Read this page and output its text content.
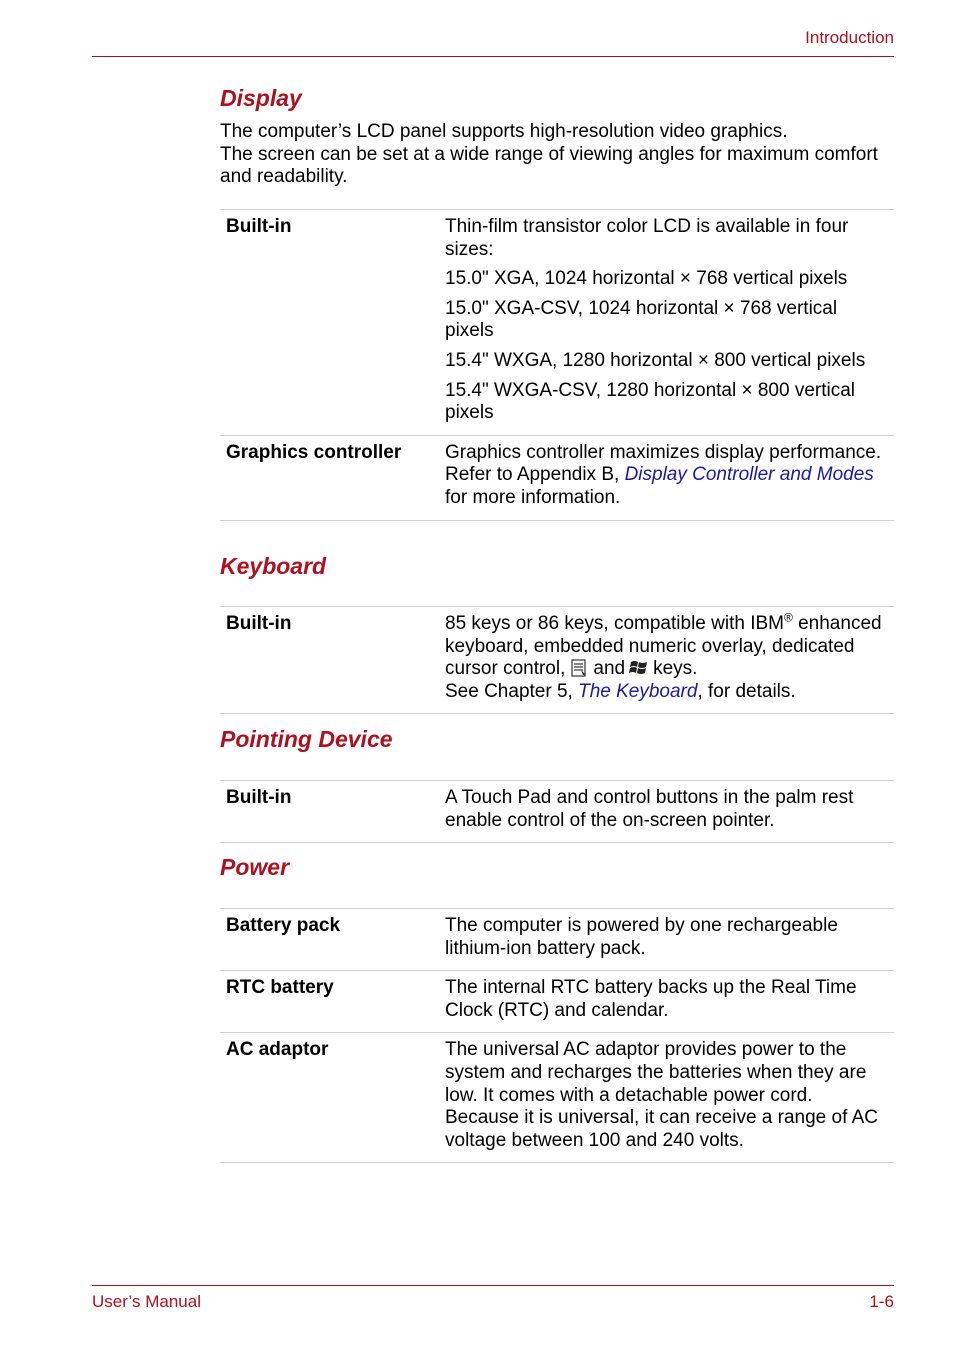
Introduction
Display

The computer’s LCD panel supports high-resolution video graphics.
The screen can be set at a wide range of viewing angles for maximum comfort and readability.

Built-in	Thin-film transistor color LCD is available in four sizes:
15.0" XGA, 1024 horizontal × 768 vertical pixels
15.0" XGA-CSV, 1024 horizontal × 768 vertical pixels
15.4" WXGA, 1280 horizontal × 800 vertical pixels
15.4" WXGA-CSV, 1280 horizontal × 800 vertical pixels

Graphics controller	Graphics controller maximizes display performance. Refer to Appendix B, Display Controller and Modes for more information.
Keyboard
Built-in	85 keys or 86 keys, compatible with IBM® enhanced keyboard, embedded numeric overlay, dedicated cursor control, and keys.
See Chapter 5, The Keyboard, for details.
Pointing Device
Built-in	A Touch Pad and control buttons in the palm rest enable control of the on-screen pointer.
Power
Battery pack	The computer is powered by one rechargeable lithium-ion battery pack.
RTC battery	The internal RTC battery backs up the Real Time Clock (RTC) and calendar.
AC adaptor	The universal AC adaptor provides power to the system and recharges the batteries when they are low. It comes with a detachable power cord. Because it is universal, it can receive a range of AC voltage between 100 and 240 volts.
User’s Manual	1-6
